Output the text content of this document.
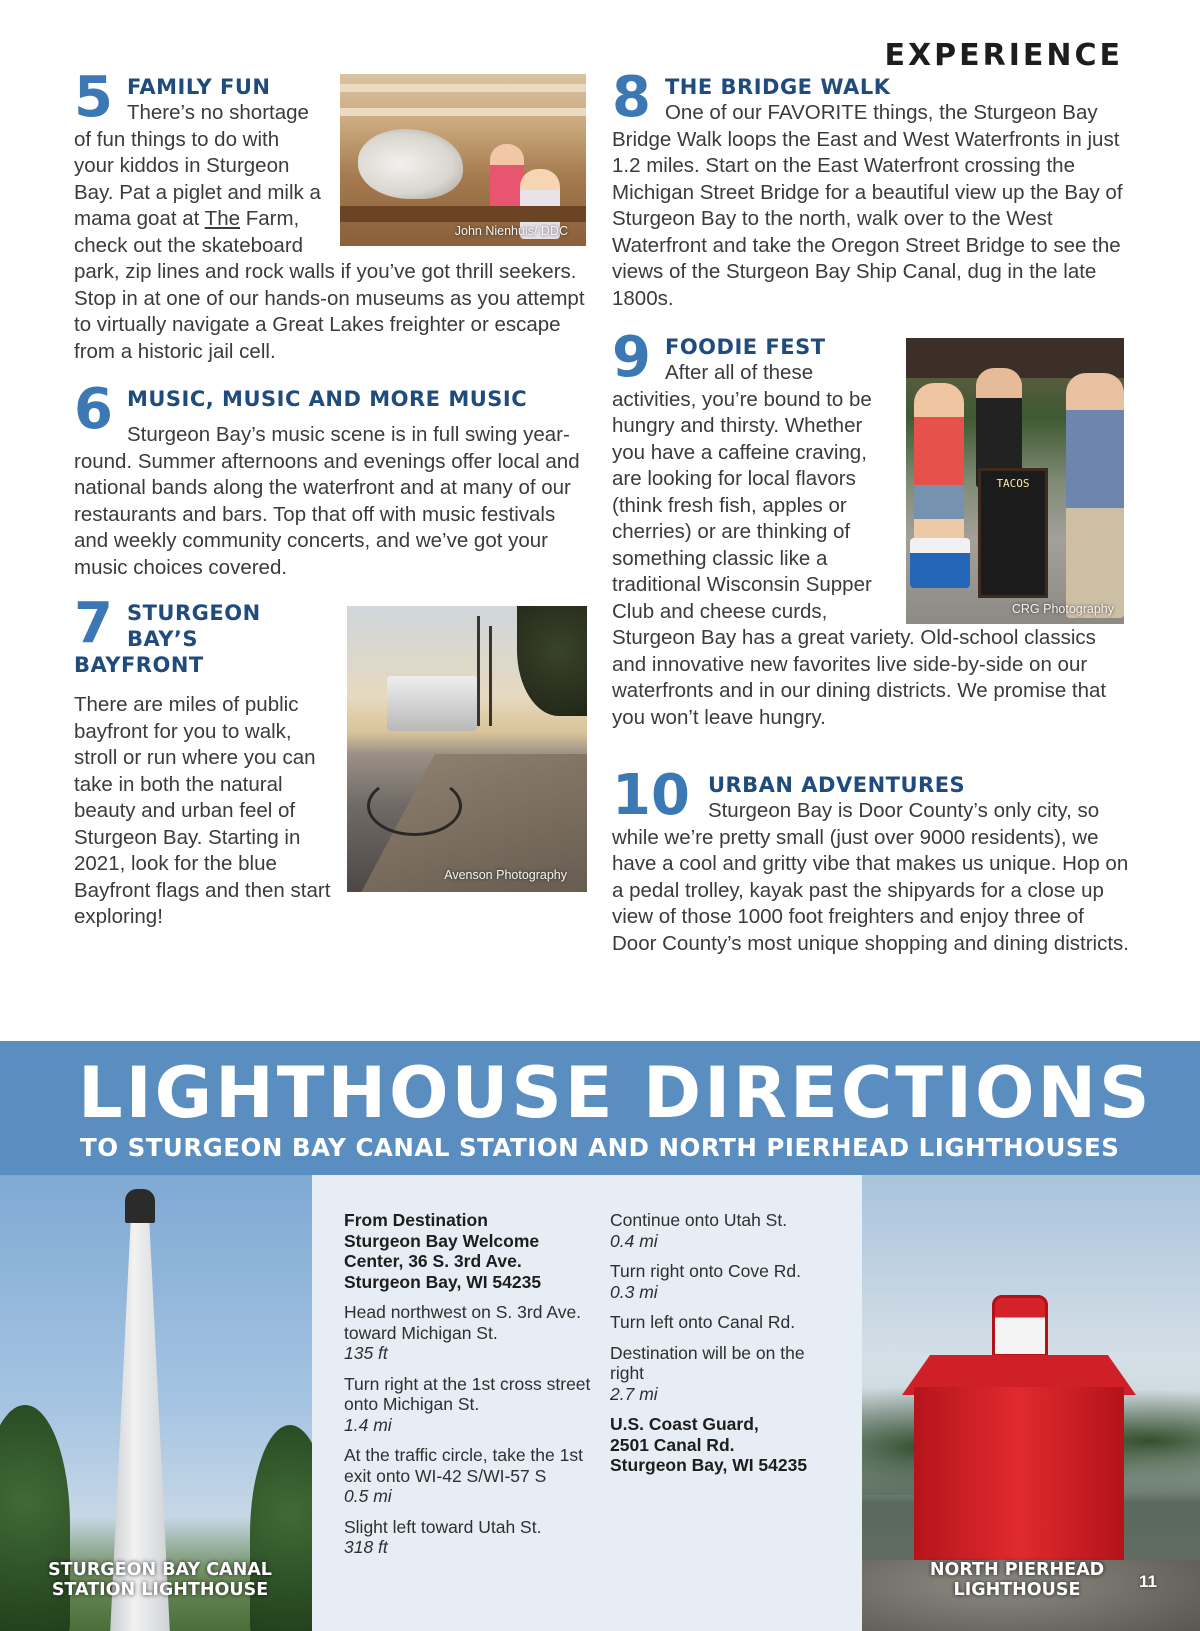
EXPERIENCE
5 FAMILY FUN

There’s no shortage of fun things to do with your kiddos in Sturgeon Bay. Pat a piglet and milk a mama goat at The Farm, check out the skateboard park, zip lines and rock walls if you’ve got thrill seekers. Stop in at one of our hands-on museums as you attempt to virtually navigate a Great Lakes freighter or escape from a historic jail cell.

John Nienhuis/ DDC
6 MUSIC, MUSIC AND MORE MUSIC

Sturgeon Bay’s music scene is in full swing year-round. Summer afternoons and evenings offer local and national bands along the waterfront and at many of our restaurants and bars. Top that off with music festivals and weekly community concerts, and we’ve got your music choices covered.

7 STURGEON BAY’S
BAYFRONT

There are miles of public bayfront for you to walk, stroll or run where you can take in both the natural beauty and urban feel of Sturgeon Bay. Starting in 2021, look for the blue Bayfront flags and then start exploring!

Avenson Photography
8 THE BRIDGE WALK

One of our FAVORITE things, the Sturgeon Bay Bridge Walk loops the East and West Waterfronts in just 1.2 miles. Start on the East Waterfront crossing the Michigan Street Bridge for a beautiful view up the Bay of Sturgeon Bay to the north, walk over to the West Waterfront and take the Oregon Street Bridge to see the views of the Sturgeon Bay Ship Canal, dug in the late 1800s.

9 FOODIE FEST

After all of these activities, you’re bound to be hungry and thirsty. Whether you have a caffeine craving, are looking for local flavors (think fresh fish, apples or cherries) or are thinking of something classic like a traditional Wisconsin Supper Club and cheese curds, Sturgeon Bay has a great variety. Old-school classics and innovative new favorites live side-by-side on our waterfronts and in our dining districts. We promise that you won’t leave hungry.

TACOS
CRG Photography
10 URBAN ADVENTURES

Sturgeon Bay is Door County’s only city, so while we’re pretty small (just over 9000 residents), we have a cool and gritty vibe that makes us unique. Hop on a pedal trolley, kayak past the shipyards for a close up view of those 1000 foot freighters and enjoy three of Door County’s most unique shopping and dining districts.

LIGHTHOUSE DIRECTIONS
TO STURGEON BAY CANAL STATION AND NORTH PIERHEAD LIGHTHOUSES
STURGEON BAY CANAL
STATION LIGHTHOUSE
From Destination
Sturgeon Bay Welcome
Center, 36 S. 3rd Ave.
Sturgeon Bay, WI 54235
Head northwest on S. 3rd Ave. toward Michigan St.
135 ft
Turn right at the 1st cross street onto Michigan St.
1.4 mi
At the traffic circle, take the 1st exit onto WI-42 S/WI-57 S
0.5 mi
Slight left toward Utah St.
318 ft
Continue onto Utah St.
0.4 mi
Turn right onto Cove Rd.
0.3 mi
Turn left onto Canal Rd.
Destination will be on the right
2.7 mi
U.S. Coast Guard,
2501 Canal Rd.
Sturgeon Bay, WI 54235
NORTH PIERHEAD
LIGHTHOUSE	11
